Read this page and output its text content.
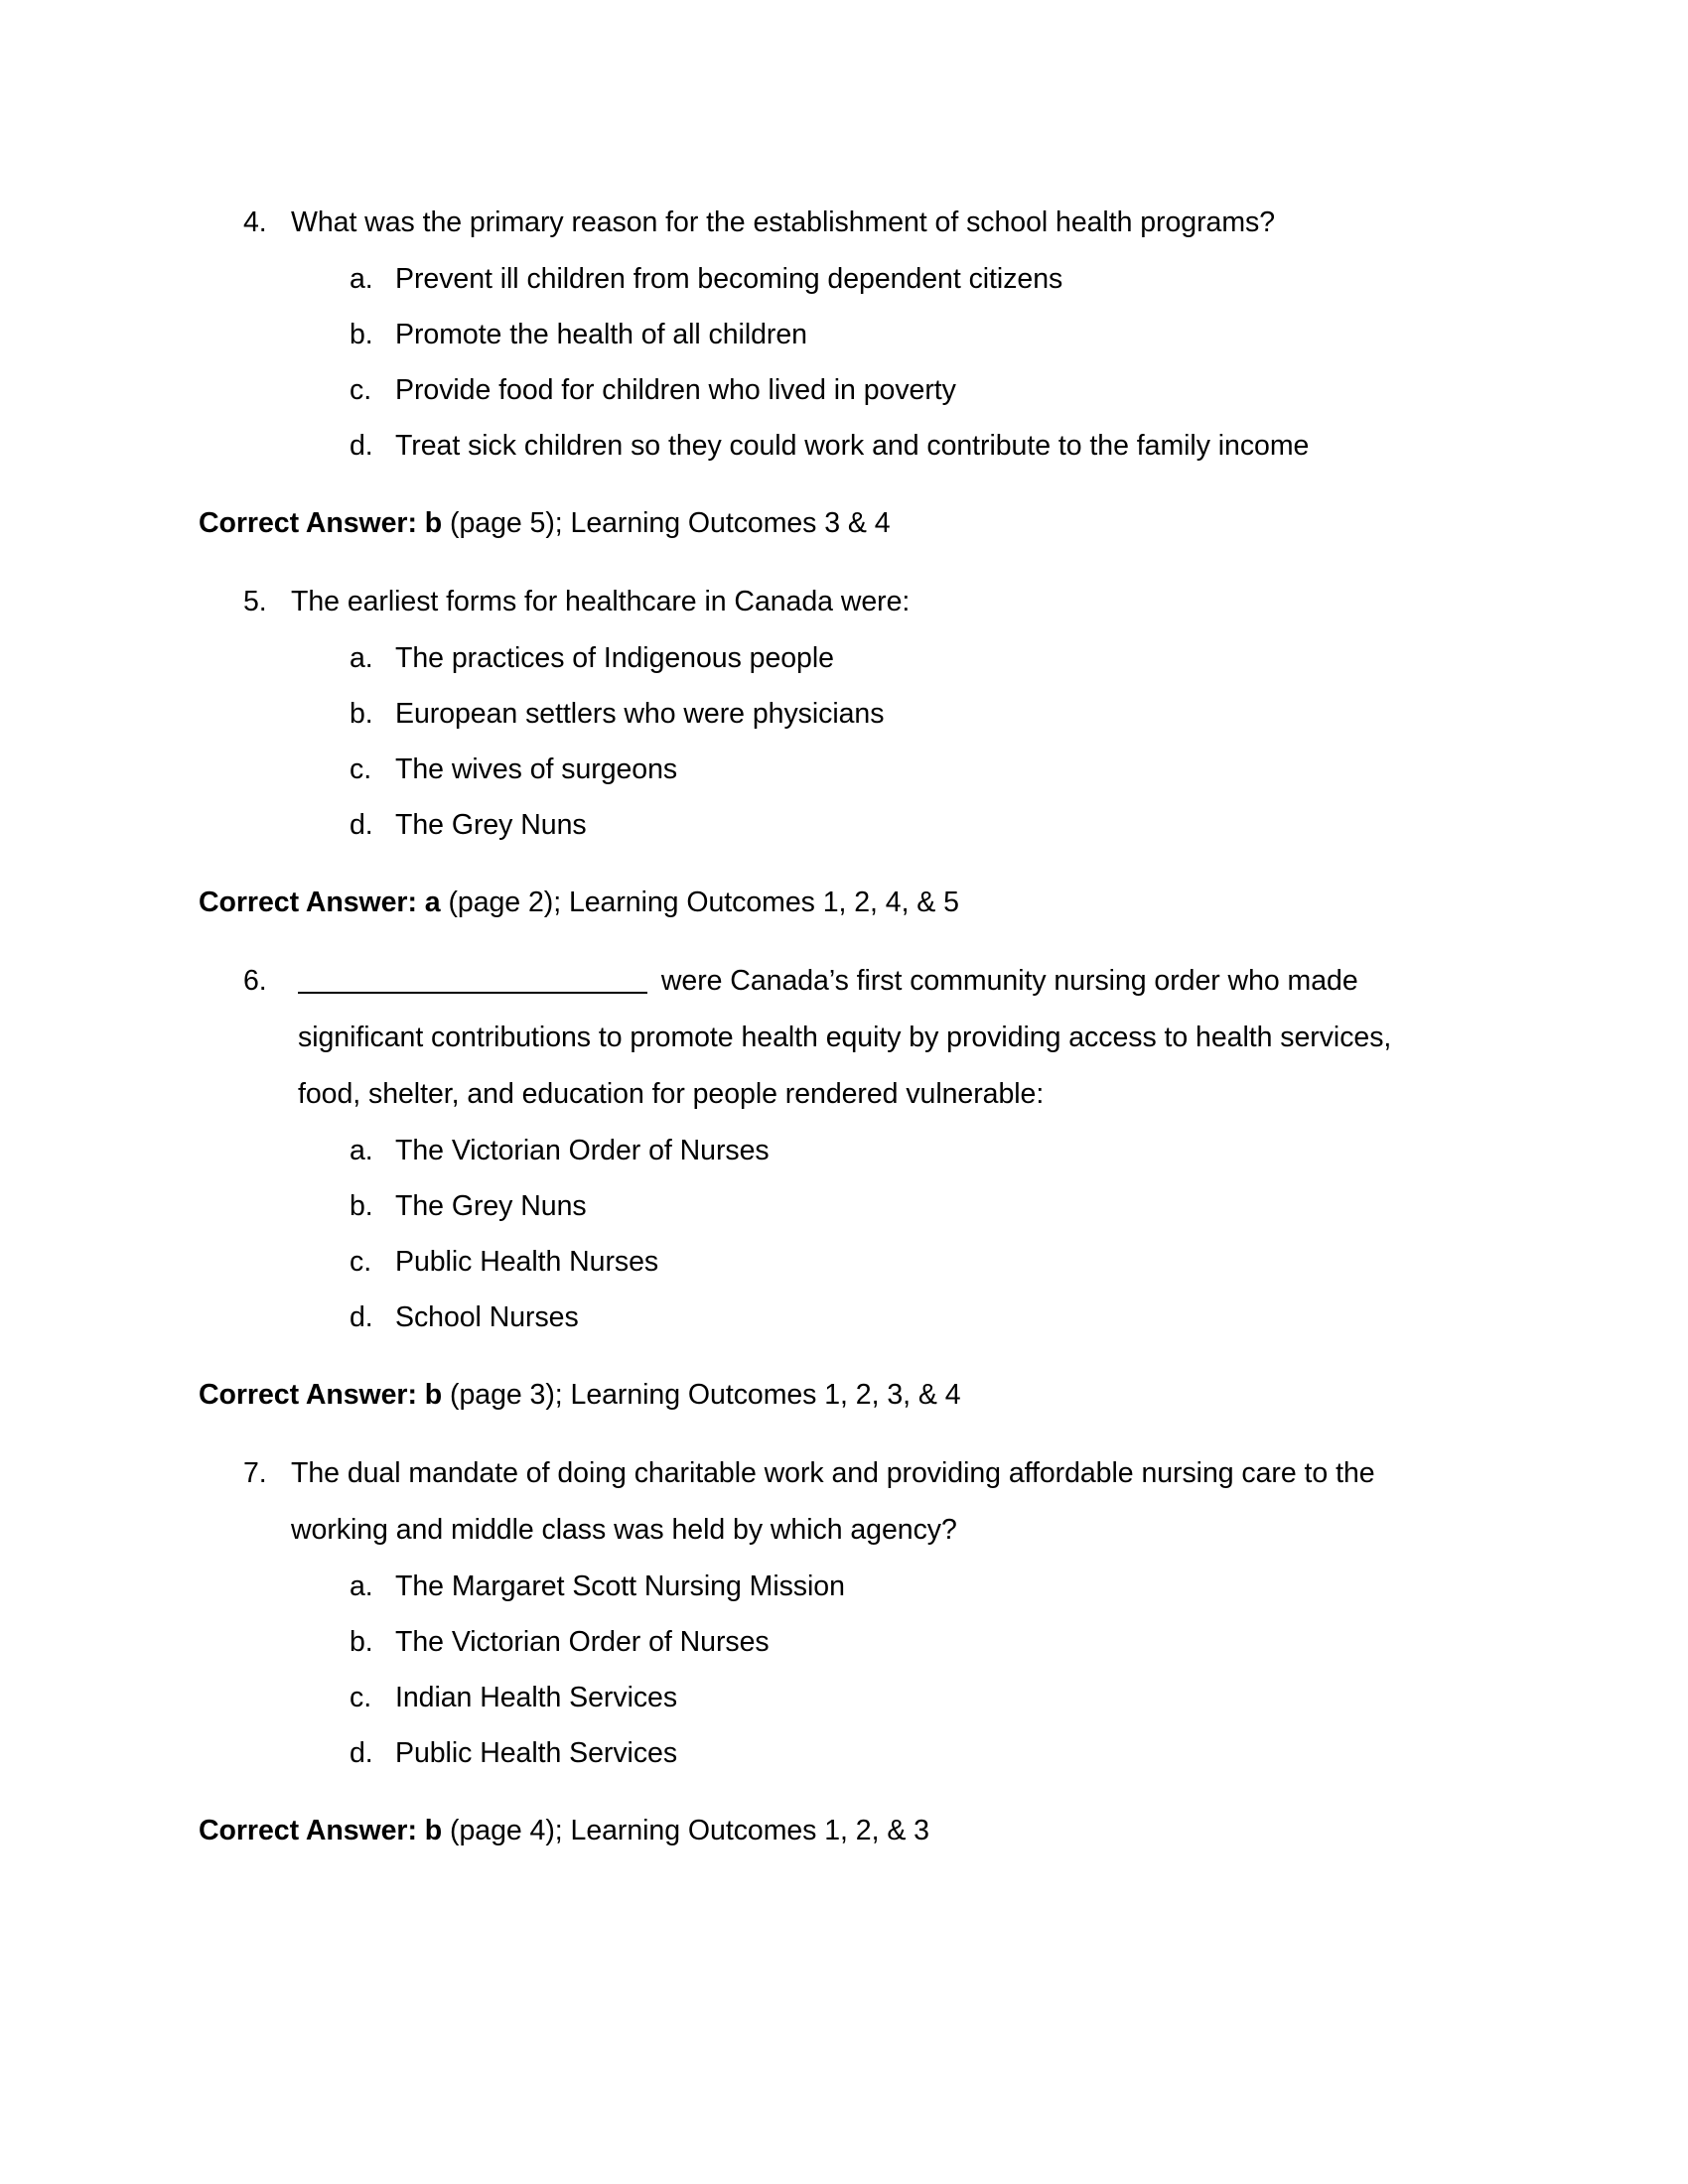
4. What was the primary reason for the establishment of school health programs?
a. Prevent ill children from becoming dependent citizens
b. Promote the health of all children
c. Provide food for children who lived in poverty
d. Treat sick children so they could work and contribute to the family income
Correct Answer: b (page 5); Learning Outcomes 3 & 4
5. The earliest forms for healthcare in Canada were:
a. The practices of Indigenous people
b. European settlers who were physicians
c. The wives of surgeons
d. The Grey Nuns
Correct Answer: a (page 2); Learning Outcomes 1, 2, 4, & 5
6.	were Canada’s first community nursing order who made significant contributions to promote health equity by providing access to health services, food, shelter, and education for people rendered vulnerable:
a. The Victorian Order of Nurses
b. The Grey Nuns
c. Public Health Nurses
d. School Nurses
Correct Answer: b (page 3); Learning Outcomes 1, 2, 3, & 4
7. The dual mandate of doing charitable work and providing affordable nursing care to the working and middle class was held by which agency?
a. The Margaret Scott Nursing Mission
b. The Victorian Order of Nurses
c. Indian Health Services
d. Public Health Services
Correct Answer: b (page 4); Learning Outcomes 1, 2, & 3
